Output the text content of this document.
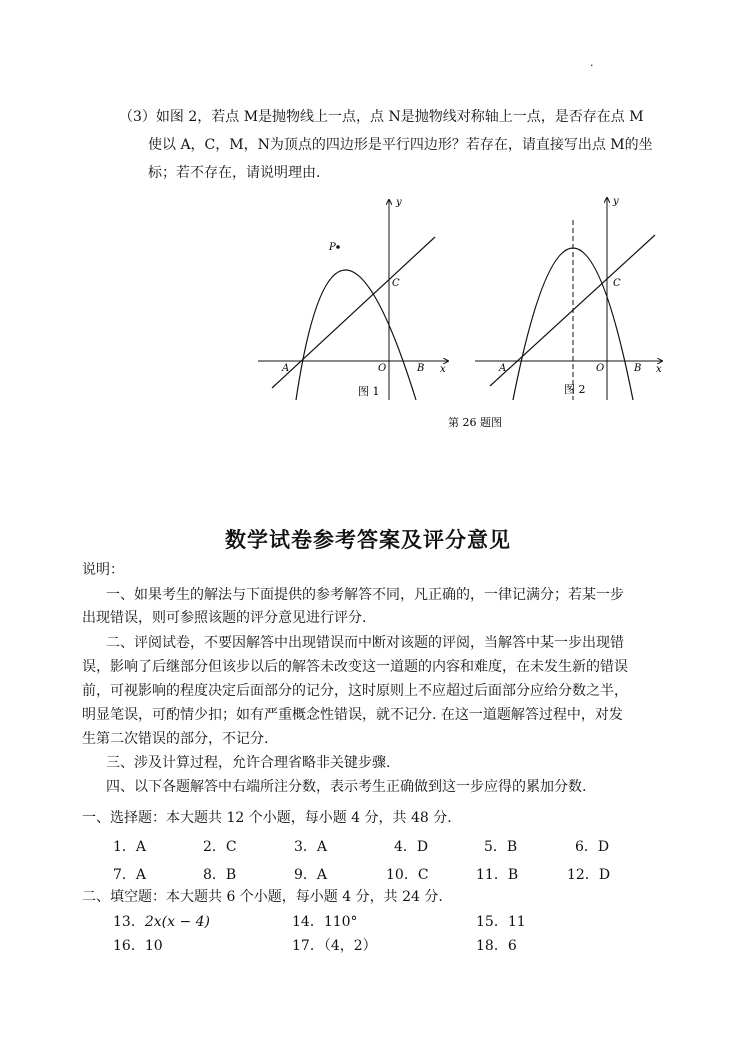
.
（3）如图 2，若点 M是抛物线上一点，点 N是抛物线对称轴上一点，是否存在点 M
使以 A，C，M，N为顶点的四边形是平行四边形？若存在，请直接写出点 M的坐
标；若不存在，请说明理由.
y
x
A	O	B
C
P
图 1
y
x
A	O	B
C
图 2
第 26 题图
数学试卷参考答案及评分意见
说明：
一、如果考生的解法与下面提供的参考解答不同，凡正确的，一律记满分；若某一步
出现错误，则可参照该题的评分意见进行评分.
二、评阅试卷，不要因解答中出现错误而中断对该题的评阅，当解答中某一步出现错
误，影响了后继部分但该步以后的解答未改变这一道题的内容和难度，在未发生新的错误
前，可视影响的程度决定后面部分的记分，这时原则上不应超过后面部分应给分数之半，
明显笔误，可酌情少扣；如有严重概念性错误，就不记分. 在这一道题解答过程中，对发
生第二次错误的部分，不记分.
三、涉及计算过程，允许合理省略非关键步骤.
四、以下各题解答中右端所注分数，表示考生正确做到这一步应得的累加分数.
一、选择题：本大题共 12 个小题，每小题 4 分，共 48 分.
1．A	2．C	3．A	4．D	5．B	6．D
7．A	8．B	9．A	10．C	11．B	12．D
二、填空题：本大题共 6 个小题，每小题 4 分，共 24 分.
13．2x(x − 4)	14．110°	15．11
16．10	17．（4，2）	18．6
